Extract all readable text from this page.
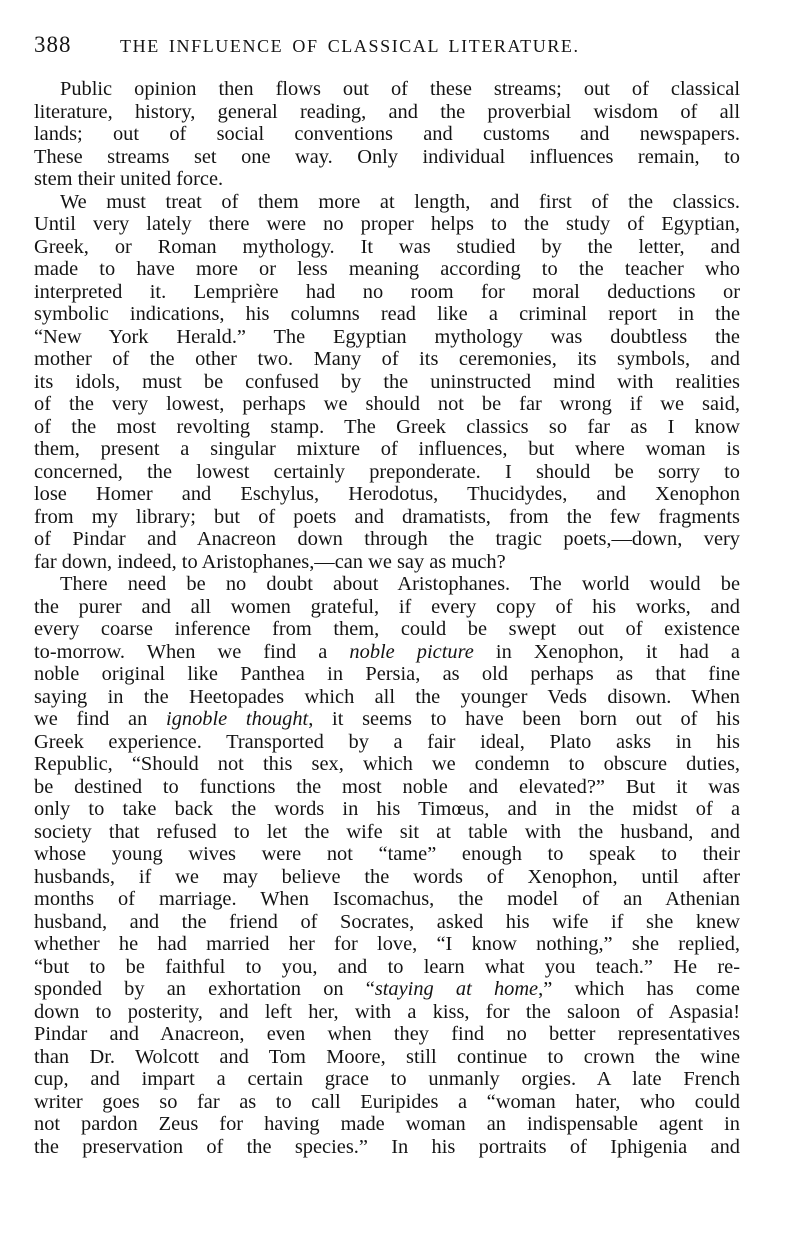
388	THE INFLUENCE OF CLASSICAL LITERATURE.
Public opinion then flows out of these streams; out of classical
literature, history, general reading, and the proverbial wisdom of all
lands; out of social conventions and customs and newspapers.
These streams set one way. Only individual influences remain, to
stem their united force.
We must treat of them more at length, and first of the classics.
Until very lately there were no proper helps to the study of Egyptian,
Greek, or Roman mythology. It was studied by the letter, and
made to have more or less meaning according to the teacher who
interpreted it. Lemprière had no room for moral deductions or
symbolic indications, his columns read like a criminal report in the
“New York Herald.” The Egyptian mythology was doubtless the
mother of the other two. Many of its ceremonies, its symbols, and
its idols, must be confused by the uninstructed mind with realities
of the very lowest, perhaps we should not be far wrong if we said,
of the most revolting stamp. The Greek classics so far as I know
them, present a singular mixture of influences, but where woman is
concerned, the lowest certainly preponderate. I should be sorry to
lose Homer and Eschylus, Herodotus, Thucidydes, and Xenophon
from my library; but of poets and dramatists, from the few fragments
of Pindar and Anacreon down through the tragic poets,—down, very
far down, indeed, to Aristophanes,—can we say as much?
There need be no doubt about Aristophanes. The world would be
the purer and all women grateful, if every copy of his works, and
every coarse inference from them, could be swept out of existence
to-morrow. When we find a noble picture in Xenophon, it had a
noble original like Panthea in Persia, as old perhaps as that fine
saying in the Heetopades which all the younger Veds disown. When
we find an ignoble thought, it seems to have been born out of his
Greek experience. Transported by a fair ideal, Plato asks in his
Republic, “Should not this sex, which we condemn to obscure duties,
be destined to functions the most noble and elevated?” But it was
only to take back the words in his Timœus, and in the midst of a
society that refused to let the wife sit at table with the husband, and
whose young wives were not “tame” enough to speak to their
husbands, if we may believe the words of Xenophon, until after
months of marriage. When Iscomachus, the model of an Athenian
husband, and the friend of Socrates, asked his wife if she knew
whether he had married her for love, “I know nothing,” she replied,
“but to be faithful to you, and to learn what you teach.” He re-
sponded by an exhortation on “staying at home,” which has come
down to posterity, and left her, with a kiss, for the saloon of Aspasia!
Pindar and Anacreon, even when they find no better representatives
than Dr. Wolcott and Tom Moore, still continue to crown the wine
cup, and impart a certain grace to unmanly orgies. A late French
writer goes so far as to call Euripides a “woman hater, who could
not pardon Zeus for having made woman an indispensable agent in
the preservation of the species.” In his portraits of Iphigenia and
